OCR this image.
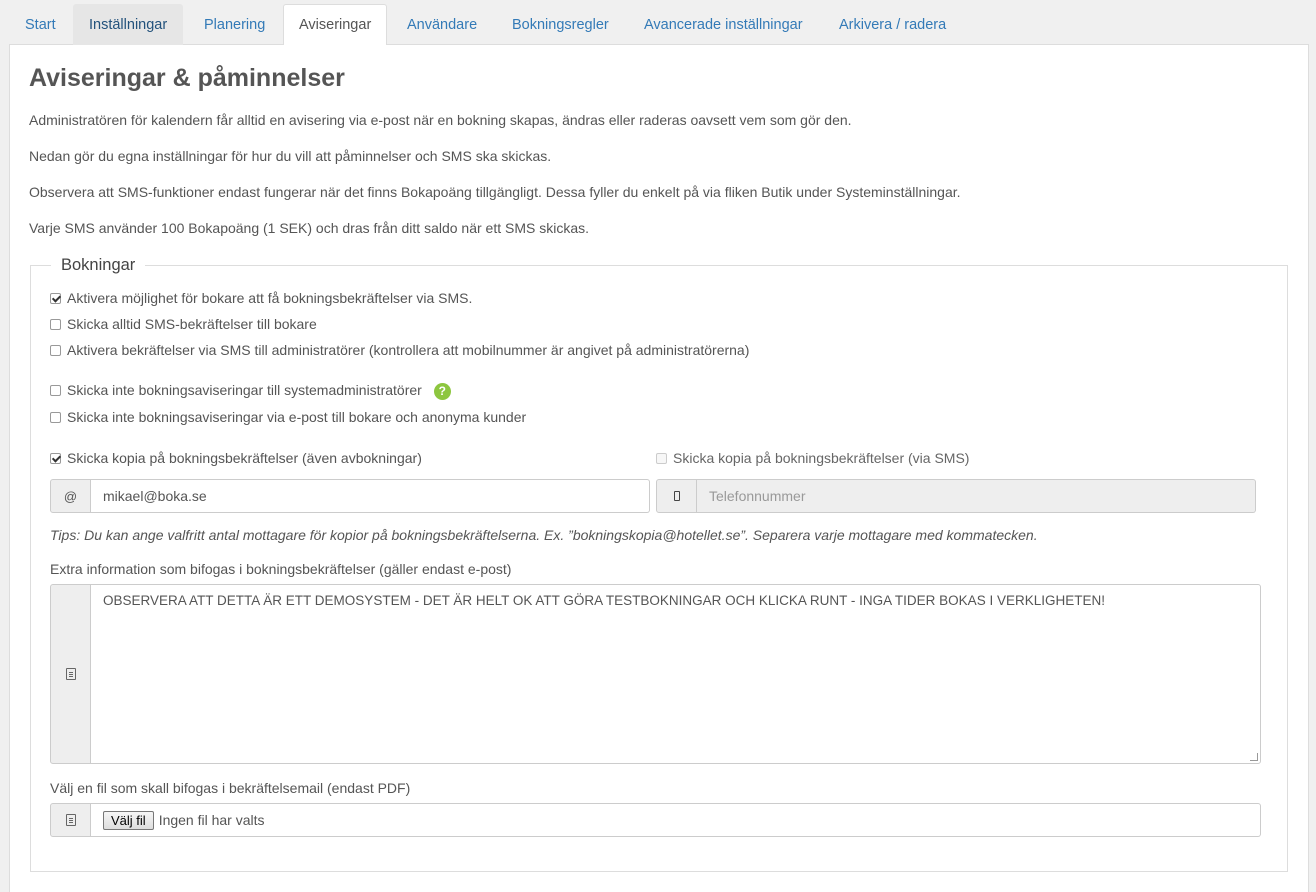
Start	Inställningar	Planering	Aviseringar	Användare	Bokningsregler	Avancerade inställningar	Arkivera / radera
Aviseringar & påminnelser

Administratören för kalendern får alltid en avisering via e-post när en bokning skapas, ändras eller raderas oavsett vem som gör den.

Nedan gör du egna inställningar för hur du vill att påminnelser och SMS ska skickas.

Observera att SMS-funktioner endast fungerar när det finns Bokapoäng tillgängligt. Dessa fyller du enkelt på via fliken Butik under Systeminställningar.

Varje SMS använder 100 Bokapoäng (1 SEK) och dras från ditt saldo när ett SMS skickas.

Bokningar
Aktivera möjlighet för bokare att få bokningsbekräftelser via SMS.
Skicka alltid SMS-bekräftelser till bokare
Aktivera bekräftelser via SMS till administratörer (kontrollera att mobilnummer är angivet på administratörerna)
Skicka inte bokningsaviseringar till systemadministratörer ?
Skicka inte bokningsaviseringar via e-post till bokare och anonyma kunder
Skicka kopia på bokningsbekräftelser (även avbokningar)	Skicka kopia på bokningsbekräftelser (via SMS)
@	mikael@boka.se	Telefonnummer
Tips: Du kan ange valfritt antal mottagare för kopior på bokningsbekräftelserna. Ex. ”bokningskopia@hotellet.se”. Separera varje mottagare med kommatecken.
Extra information som bifogas i bokningsbekräftelser (gäller endast e-post)
OBSERVERA ATT DETTA ÄR ETT DEMOSYSTEM - DET ÄR HELT OK ATT GÖRA TESTBOKNINGAR OCH KLICKA RUNT - INGA TIDER BOKAS I VERKLIGHETEN!
Välj en fil som skall bifogas i bekräftelsemail (endast PDF)
Välj fil Ingen fil har valts
